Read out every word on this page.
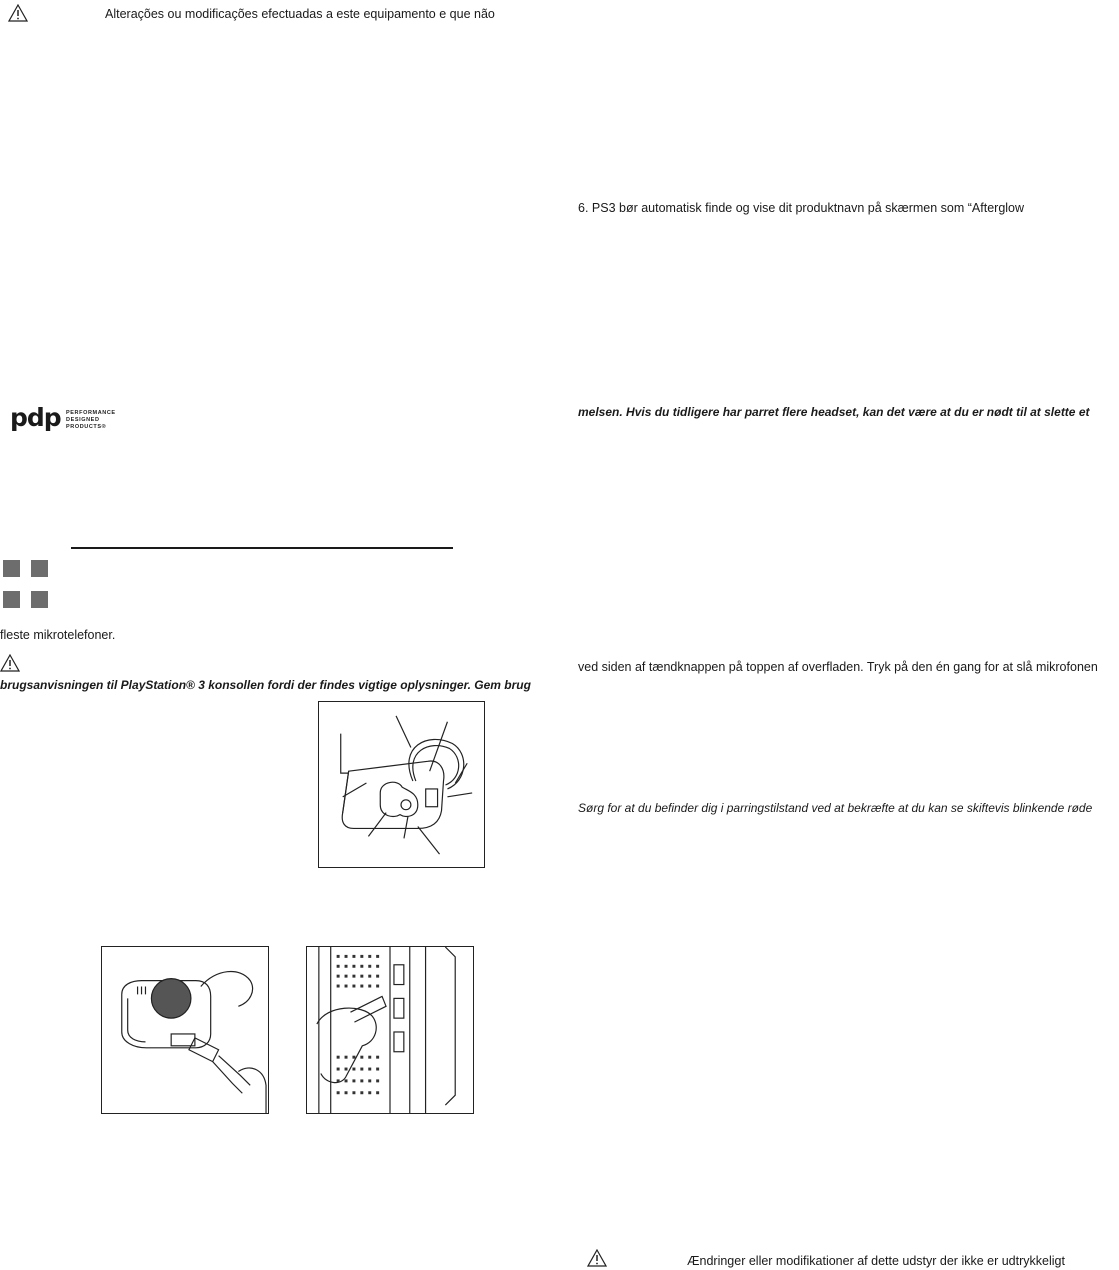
Alterações ou modificações efectuadas a este equipamento e que não
pdp PERFORMANCE
DESIGNED
PRODUCTS®
fleste mikrotelefoner.
brugsanvisningen til PlayStation® 3 konsollen fordi der findes vigtige oplysninger. Gem brug
6. PS3 bør automatisk finde og vise dit produktnavn på skærmen som “Afterglow
melsen. Hvis du tidligere har parret flere headset, kan det være at du er nødt til at slette et
ved siden af tændknappen på toppen af overfladen. Tryk på den én gang for at slå mikrofonen
Sørg for at du befinder dig i parringstilstand ved at bekræfte at du kan se skiftevis blinkende røde
Ændringer eller modifikationer af dette udstyr der ikke er udtrykkeligt
